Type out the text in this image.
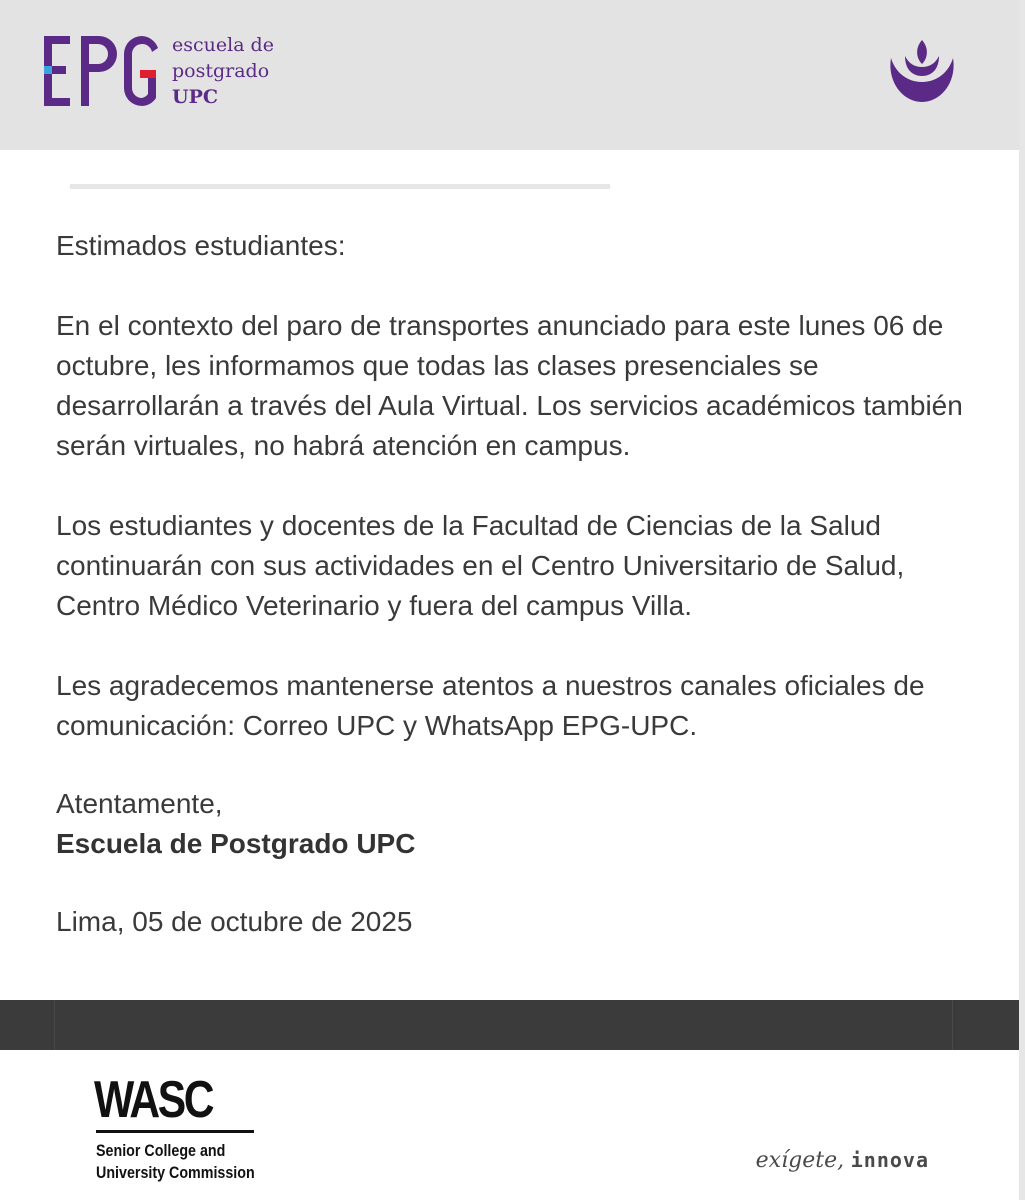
escuela de
postgrado
UPC

Estimados estudiantes:

En el contexto del paro de transportes anunciado para este lunes 06 de octubre, les informamos que todas las clases presenciales se desarrollarán a través del Aula Virtual. Los servicios académicos también serán virtuales, no habrá atención en campus.

Los estudiantes y docentes de la Facultad de Ciencias de la Salud continuarán con sus actividades en el Centro Universitario de Salud, Centro Médico Veterinario y fuera del campus Villa.

Les agradecemos mantenerse atentos a nuestros canales oficiales de comunicación: Correo UPC y WhatsApp EPG-UPC.

Atentamente,

Escuela de Postgrado UPC

Lima, 05 de octubre de 2025

WASC
Senior College and
University Commission	exígete, innova
